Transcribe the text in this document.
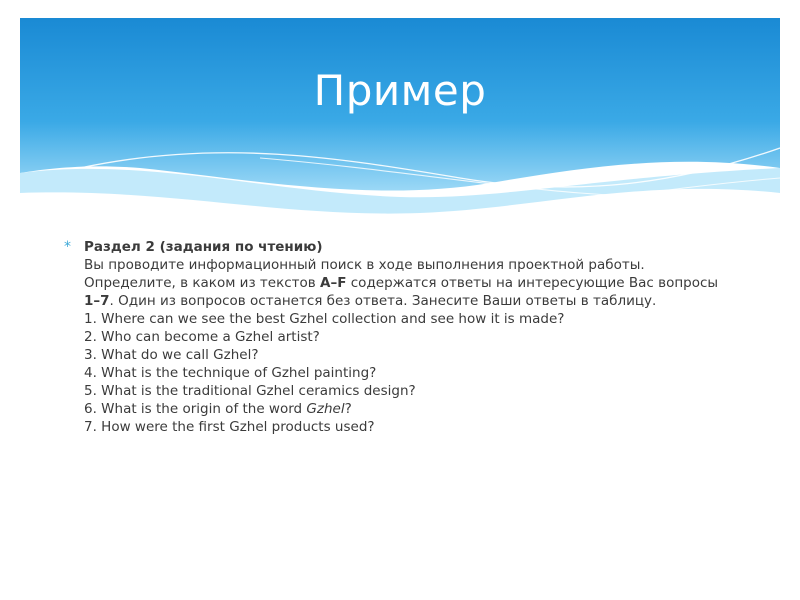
Пример
* Раздел 2 (задания по чтению)

Вы проводите информационный поиск в ходе выполнения проектной работы.

Определите, в каком из текстов A–F содержатся ответы на интересующие Вас вопросы 1–7. Один из вопросов останется без ответа. Занесите Ваши ответы в таблицу.

1. Where can we see the best Gzhel collection and see how it is made?

2. Who can become a Gzhel artist?

3. What do we call Gzhel?

4. What is the technique of Gzhel painting?

5. What is the traditional Gzhel ceramics design?

6. What is the origin of the word Gzhel?

7. How were the first Gzhel products used?
